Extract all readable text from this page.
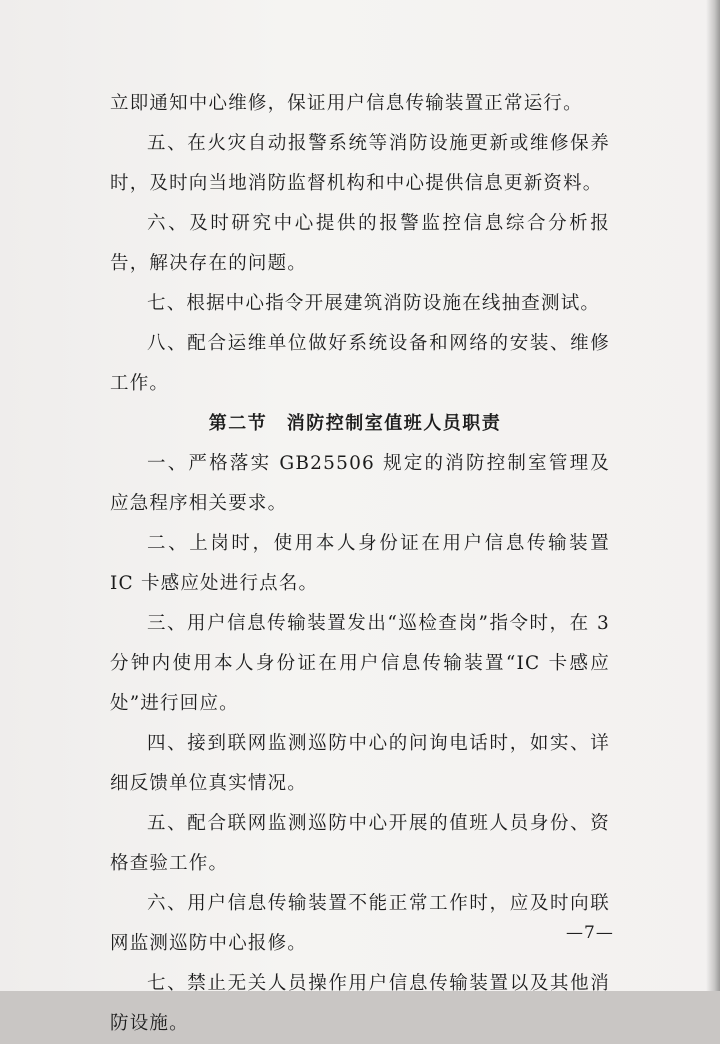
立即通知中心维修，保证用户信息传输装置正常运行。

五、在火灾自动报警系统等消防设施更新或维修保养时，及时向当地消防监督机构和中心提供信息更新资料。

六、及时研究中心提供的报警监控信息综合分析报告，解决存在的问题。

七、根据中心指令开展建筑消防设施在线抽查测试。

八、配合运维单位做好系统设备和网络的安装、维修工作。

第二节　消防控制室值班人员职责

一、严格落实 GB25506 规定的消防控制室管理及应急程序相关要求。

二、上岗时，使用本人身份证在用户信息传输装置 IC 卡感应处进行点名。

三、用户信息传输装置发出“巡检查岗”指令时，在 3 分钟内使用本人身份证在用户信息传输装置“IC 卡感应处”进行回应。

四、接到联网监测巡防中心的问询电话时，如实、详细反馈单位真实情况。

五、配合联网监测巡防中心开展的值班人员身份、资格查验工作。

六、用户信息传输装置不能正常工作时，应及时向联网监测巡防中心报修。

七、禁止无关人员操作用户信息传输装置以及其他消防设施。

—7—
